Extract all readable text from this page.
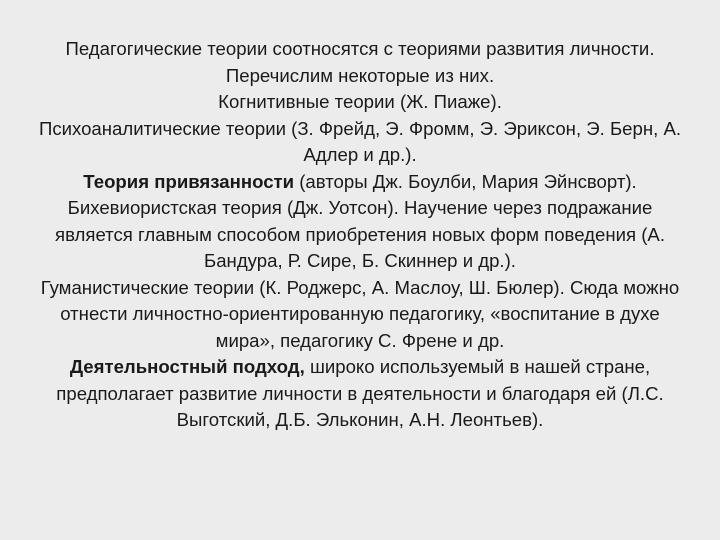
Педагогические теории соотносятся с теориями развития личности. Перечислим некоторые из них.

Когнитивные теории (Ж. Пиаже).

Психоаналитические теории (З. Фрейд, Э. Фромм, Э. Эриксон, Э. Берн, А. Адлер и др.).

Теория привязанности (авторы Дж. Боулби, Мария Эйнсворт).

Бихевиористская теория (Дж. Уотсон). Научение через подражание является главным способом приобретения новых форм поведения (А. Бандура, Р. Сире, Б. Скиннер и др.).

Гуманистические теории (К. Роджерс, А. Маслоу, Ш. Бюлер). Сюда можно отнести личностно-ориентированную педагогику, «воспитание в духе мира», педагогику С. Френе и др.

Деятельностный подход, широко используемый в нашей стране, предполагает развитие личности в деятельности и благодаря ей (Л.С. Выготский, Д.Б. Эльконин, А.Н. Леонтьев).
